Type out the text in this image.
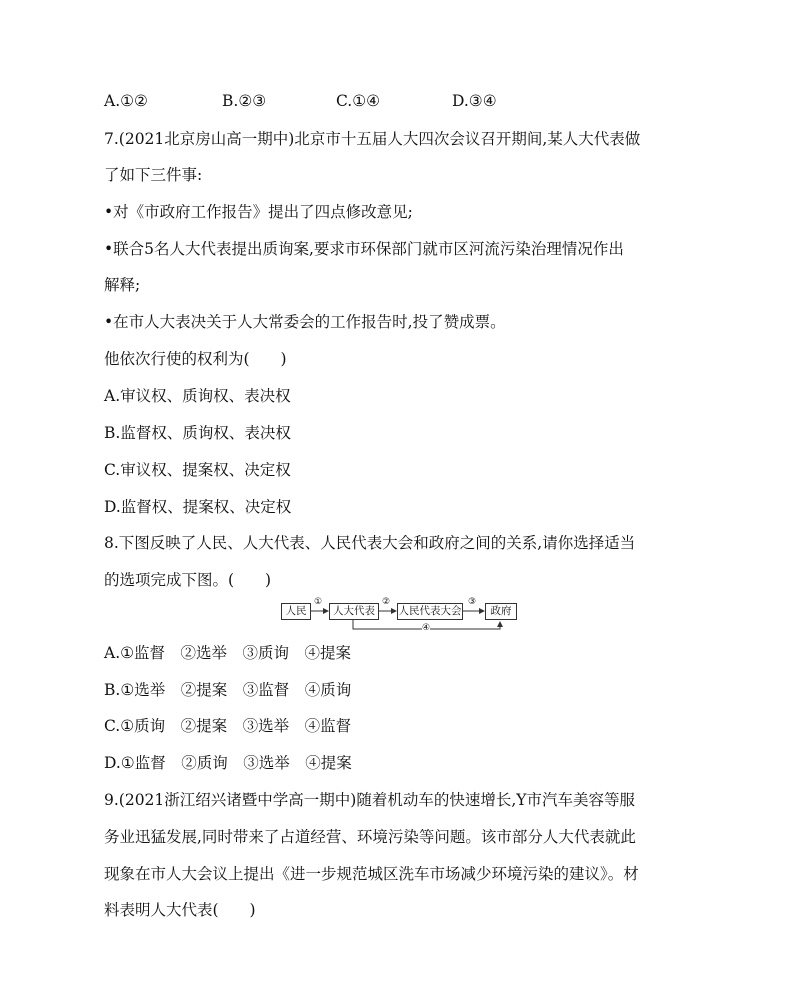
A.①②	B.②③	C.①④	D.③④
7.(2021北京房山高一期中)北京市十五届人大四次会议召开期间,某人大代表做
了如下三件事:
•对《市政府工作报告》提出了四点修改意见;
•联合5名人大代表提出质询案,要求市环保部门就市区河流污染治理情况作出
解释;
•在市人大表决关于人大常委会的工作报告时,投了赞成票。
他依次行使的权利为(　　)
A.审议权、质询权、表决权
B.监督权、质询权、表决权
C.审议权、提案权、决定权
D.监督权、提案权、决定权
8.下图反映了人民、人大代表、人民代表大会和政府之间的关系,请你选择适当
的选项完成下图。(　　)
人民	人大代表	人民代表大会	政府
①	②	③
④
A.①监督　②选举　③质询　④提案
B.①选举　②提案　③监督　④质询
C.①质询　②提案　③选举　④监督
D.①监督　②质询　③选举　④提案
9.(2021浙江绍兴诸暨中学高一期中)随着机动车的快速增长,Y市汽车美容等服
务业迅猛发展,同时带来了占道经营、环境污染等问题。该市部分人大代表就此
现象在市人大会议上提出《进一步规范城区洗车市场减少环境污染的建议》。材
料表明人大代表(　　)
